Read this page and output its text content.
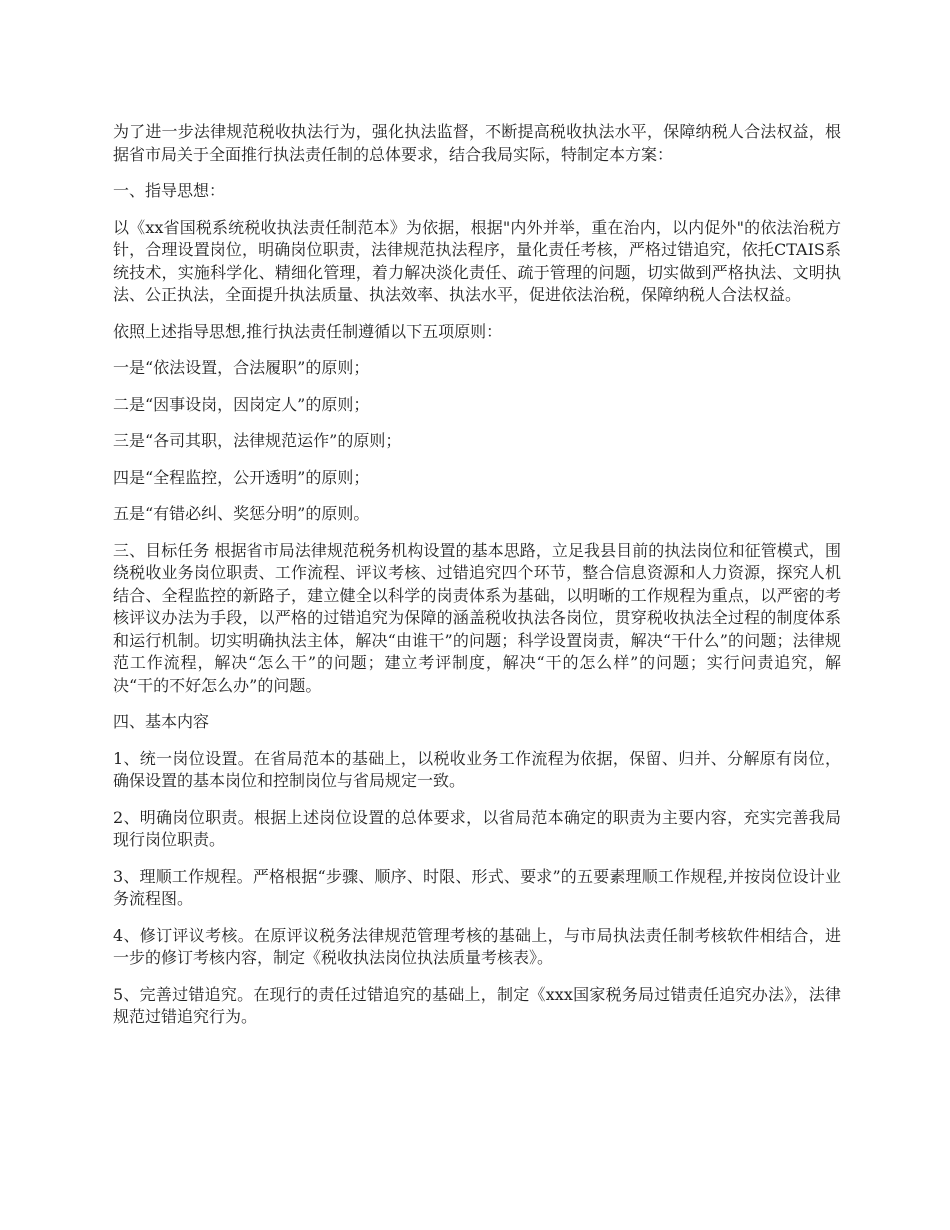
为了进一步法律规范税收执法行为，强化执法监督，不断提高税收执法水平，保障纳税人合法权益，根据省市局关于全面推行执法责任制的总体要求，结合我局实际，特制定本方案：

一、指导思想：

以《xx省国税系统税收执法责任制范本》为依据，根据"内外并举，重在治内，以内促外"的依法治税方针，合理设置岗位，明确岗位职责，法律规范执法程序，量化责任考核，严格过错追究，依托CTAIS系统技术，实施科学化、精细化管理，着力解决淡化责任、疏于管理的问题，切实做到严格执法、文明执法、公正执法，全面提升执法质量、执法效率、执法水平，促进依法治税，保障纳税人合法权益。

依照上述指导思想,推行执法责任制遵循以下五项原则：

一是“依法设置，合法履职”的原则；

二是“因事设岗，因岗定人”的原则；

三是“各司其职，法律规范运作”的原则；

四是“全程监控，公开透明”的原则；

五是“有错必纠、奖惩分明”的原则。

三、目标任务 根据省市局法律规范税务机构设置的基本思路，立足我县目前的执法岗位和征管模式，围绕税收业务岗位职责、工作流程、评议考核、过错追究四个环节，整合信息资源和人力资源，探究人机结合、全程监控的新路子，建立健全以科学的岗责体系为基础，以明晰的工作规程为重点，以严密的考核评议办法为手段，以严格的过错追究为保障的涵盖税收执法各岗位，贯穿税收执法全过程的制度体系和运行机制。切实明确执法主体，解决“由谁干”的问题；科学设置岗责，解决“干什么”的问题；法律规范工作流程，解决“怎么干”的问题；建立考评制度，解决“干的怎么样”的问题；实行问责追究，解决“干的不好怎么办”的问题。

四、基本内容

1、统一岗位设置。在省局范本的基础上，以税收业务工作流程为依据，保留、归并、分解原有岗位，确保设置的基本岗位和控制岗位与省局规定一致。

2、明确岗位职责。根据上述岗位设置的总体要求，以省局范本确定的职责为主要内容，充实完善我局现行岗位职责。

3、理顺工作规程。严格根据“步骤、顺序、时限、形式、要求”的五要素理顺工作规程,并按岗位设计业务流程图。

4、修订评议考核。在原评议税务法律规范管理考核的基础上，与市局执法责任制考核软件相结合，进一步的修订考核内容，制定《税收执法岗位执法质量考核表》。

5、完善过错追究。在现行的责任过错追究的基础上，制定《xxx国家税务局过错责任追究办法》，法律规范过错追究行为。
